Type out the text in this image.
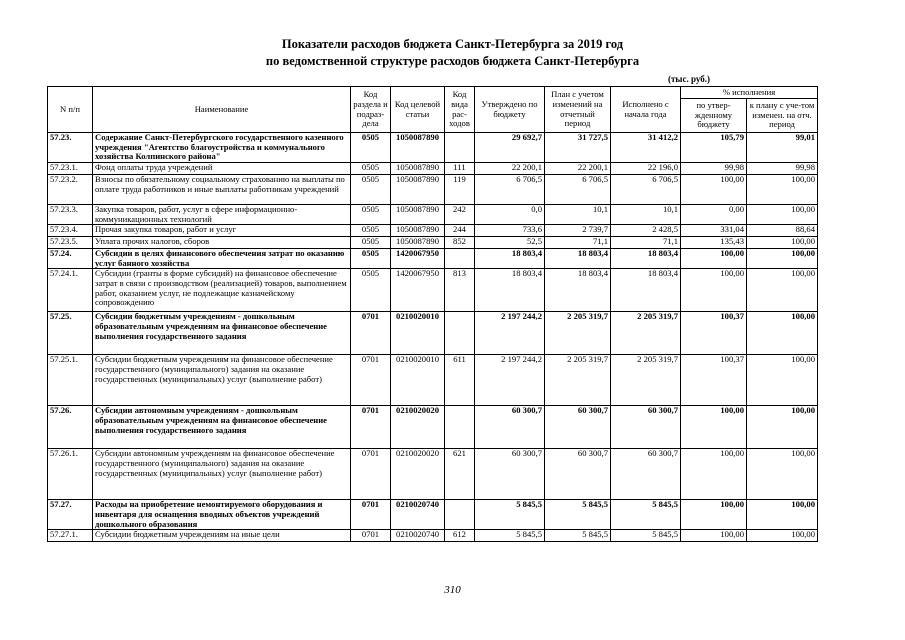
Показатели расходов бюджета Санкт-Петербурга за 2019 год
по ведомственной структуре расходов бюджета Санкт-Петербурга
(тыс. руб.)
N п/п	Наименование	Код раздела и подраз-дела	Код целевой статьи	Код вида рас-ходов	Утверждено по бюджету	План с учетом изменений на отчетный период	Исполнено с начала года	% исполнения	
								по утвер-жденному бюджету	к плану с уче-том изменен. на отч. период
57.23.	Содержание Санкт-Петербургского государственного казенного учреждения "Агентство благоустройства и коммунального хозяйства Колпинского района"	0505	1050087890		29 692,7	31 727,5	31 412,2	105,79	99,01
57.23.1.	Фонд оплаты труда учреждений	0505	1050087890	111	22 200,1	22 200,1	22 196,0	99,98	99,98
57.23.2.	Взносы по обязательному социальному страхованию на выплаты по оплате труда работников и иные выплаты работникам учреждений	0505	1050087890	119	6 706,5	6 706,5	6 706,5	100,00	100,00
57.23.3.	Закупка товаров, работ, услуг в сфере информационно-коммуникационных технологий	0505	1050087890	242	0,0	10,1	10,1	0,00	100,00
57.23.4.	Прочая закупка товаров, работ и услуг	0505	1050087890	244	733,6	2 739,7	2 428,5	331,04	88,64
57.23.5.	Уплата прочих налогов, сборов	0505	1050087890	852	52,5	71,1	71,1	135,43	100,00
57.24.	Субсидии в целях финансового обеспечения затрат по оказанию услуг банного хозяйства	0505	1420067950		18 803,4	18 803,4	18 803,4	100,00	100,00
57.24.1.	Субсидии (гранты в форме субсидий) на финансовое обеспечение затрат в связи с производством (реализацией) товаров, выполнением работ, оказанием услуг, не подлежащие казначейскому сопровождению	0505	1420067950	813	18 803,4	18 803,4	18 803,4	100,00	100,00
57.25.	Субсидии бюджетным учреждениям - дошкольным образовательным учреждениям на финансовое обеспечение выполнения государственного задания	0701	0210020010		2 197 244,2	2 205 319,7	2 205 319,7	100,37	100,00
57.25.1.	Субсидии бюджетным учреждениям на финансовое обеспечение государственного (муниципального) задания на оказание государственных (муниципальных) услуг (выполнение работ)	0701	0210020010	611	2 197 244,2	2 205 319,7	2 205 319,7	100,37	100,00
57.26.	Субсидии автономным учреждениям - дошкольным образовательным учреждениям на финансовое обеспечение выполнения государственного задания	0701	0210020020		60 300,7	60 300,7	60 300,7	100,00	100,00
57.26.1.	Субсидии автономным учреждениям на финансовое обеспечение государственного (муниципального) задания на оказание государственных (муниципальных) услуг (выполнение работ)	0701	0210020020	621	60 300,7	60 300,7	60 300,7	100,00	100,00
57.27.	Расходы на приобретение немонтируемого оборудования и инвентаря для оснащения вводных объектов учреждений дошкольного образования	0701	0210020740		5 845,5	5 845,5	5 845,5	100,00	100,00
57.27.1.	Субсидии бюджетным учреждениям на иные цели	0701	0210020740	612	5 845,5	5 845,5	5 845,5	100,00	100,00
310
